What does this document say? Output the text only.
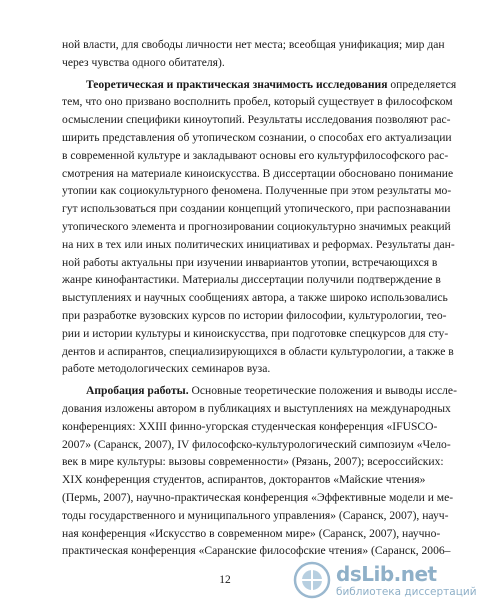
ной власти, для свободы личности нет места; всеобщая унификация; мир дан
через чувства одного обитателя).
Теоретическая и практическая значимость исследования определяется
тем, что оно призвано восполнить пробел, который существует в философском
осмыслении специфики киноутопий. Результаты исследования позволяют рас-
ширить представления об утопическом сознании, о способах его актуализации
в современной культуре и закладывают основы его культурфилософского рас-
смотрения на материале киноискусства. В диссертации обосновано понимание
утопии как социокультурного феномена. Полученные при этом результаты мо-
гут использоваться при создании концепций утопического, при распознавании
утопического элемента и прогнозировании социокультурно значимых реакций
на них в тех или иных политических инициативах и реформах. Результаты дан-
ной работы актуальны при изучении инвариантов утопии, встречающихся в
жанре кинофантастики. Материалы диссертации получили подтверждение в
выступлениях и научных сообщениях автора, а также широко использовались
при разработке вузовских курсов по истории философии, культурологии, тео-
рии и истории культуры и киноискусства, при подготовке спецкурсов для сту-
дентов и аспирантов, специализирующихся в области культурологии, а также в
работе методологических семинаров вуза.
Апробация работы. Основные теоретические положения и выводы иссле-
дования изложены автором в публикациях и выступлениях на международных
конференциях: XXIII финно-угорская студенческая конференция «IFUSCO-
2007» (Саранск, 2007), IV философско-культурологический симпозиум «Чело-
век в мире культуры: вызовы современности» (Рязань, 2007); всероссийских:
XIX конференция студентов, аспирантов, докторантов «Майские чтения»
(Пермь, 2007), научно-практическая конференция «Эффективные модели и ме-
тоды государственного и муниципального управления» (Саранск, 2007), науч-
ная конференция «Искусство в современном мире» (Саранск, 2007), научно-
практическая конференция «Саранские философские чтения» (Саранск, 2006–
12	dsLib.net
библиотека диссертаций
